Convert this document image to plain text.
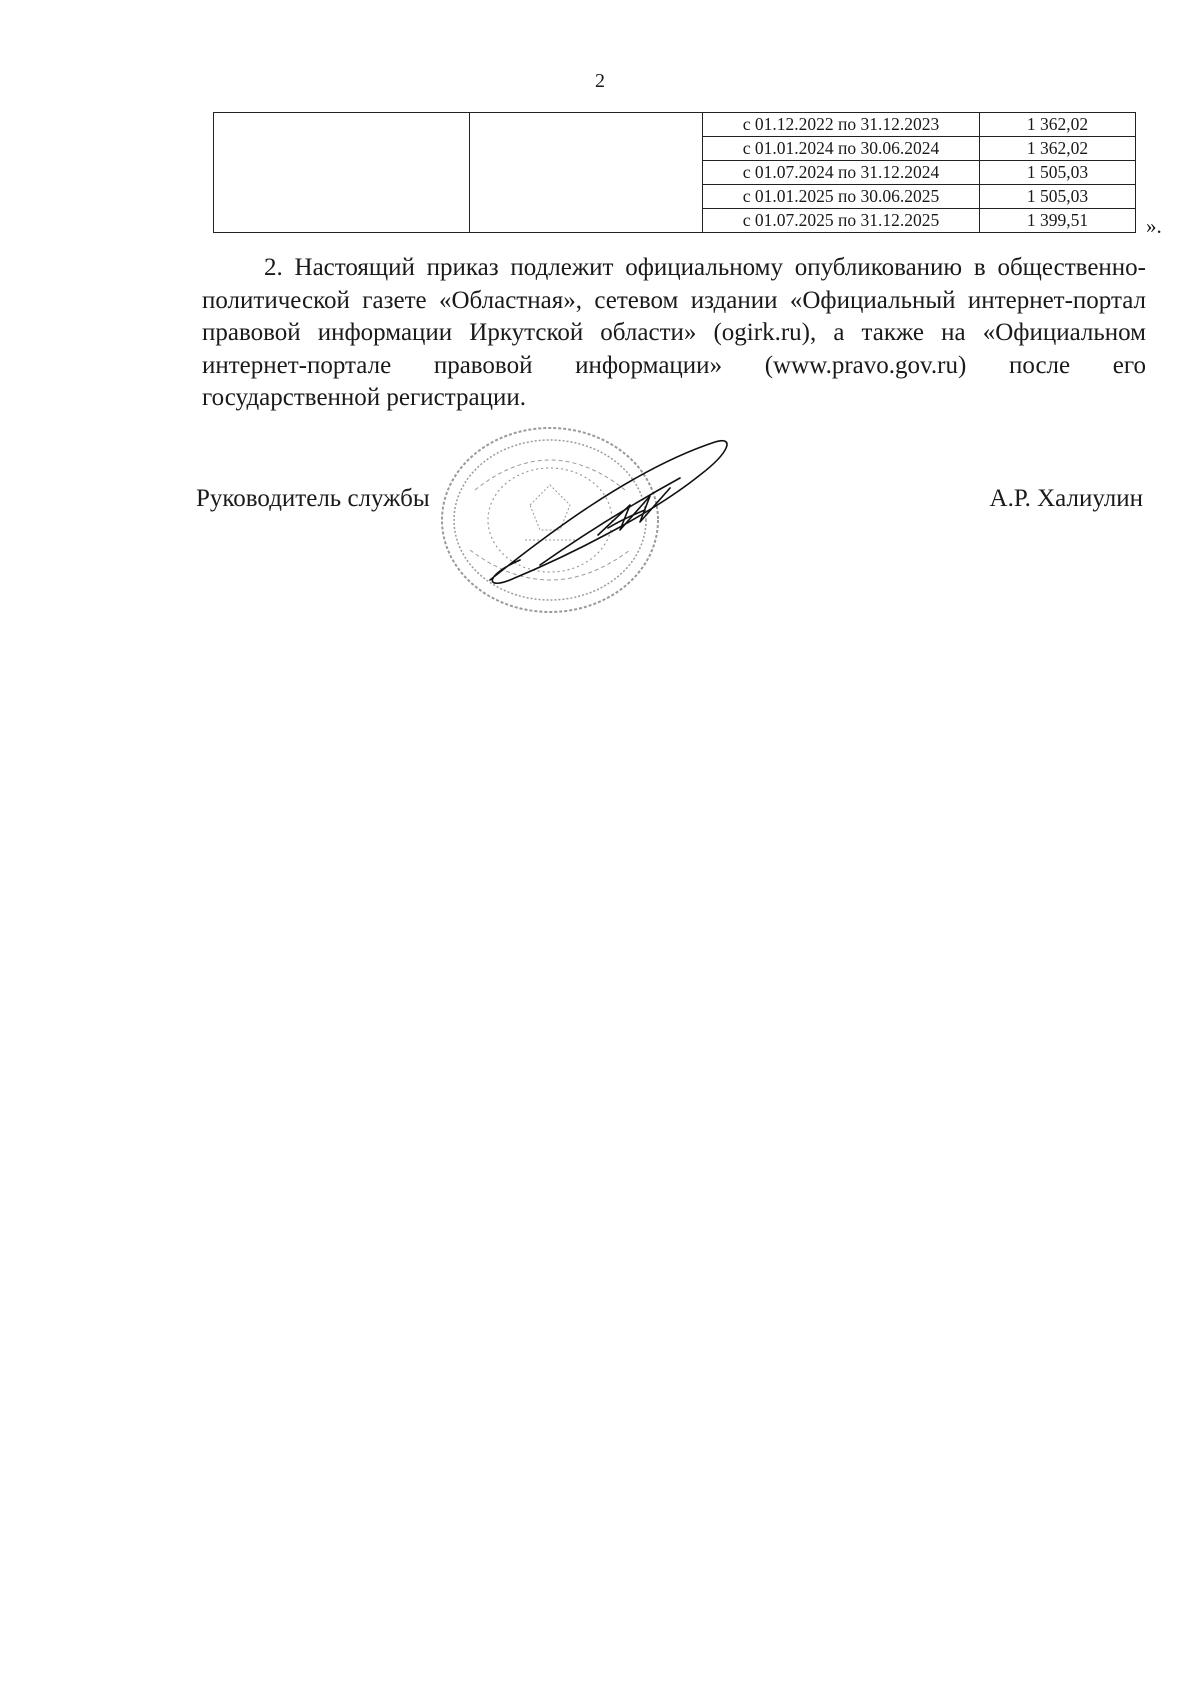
2
		с 01.12.2022 по 31.12.2023	1 362,02
		с 01.01.2024 по 30.06.2024	1 362,02
		с 01.07.2024 по 31.12.2024	1 505,03
		с 01.01.2025 по 30.06.2025	1 505,03
		с 01.07.2025 по 31.12.2025	1 399,51	».

2. Настоящий приказ подлежит официальному опубликованию в общественно-политической газете «Областная», сетевом издании «Официальный интернет-портал правовой информации Иркутской области» (ogirk.ru), а также на «Официальном интернет-портале правовой информации» (www.pravo.gov.ru) после его государственной регистрации.

Руководитель службы	А.Р. Халиулин
